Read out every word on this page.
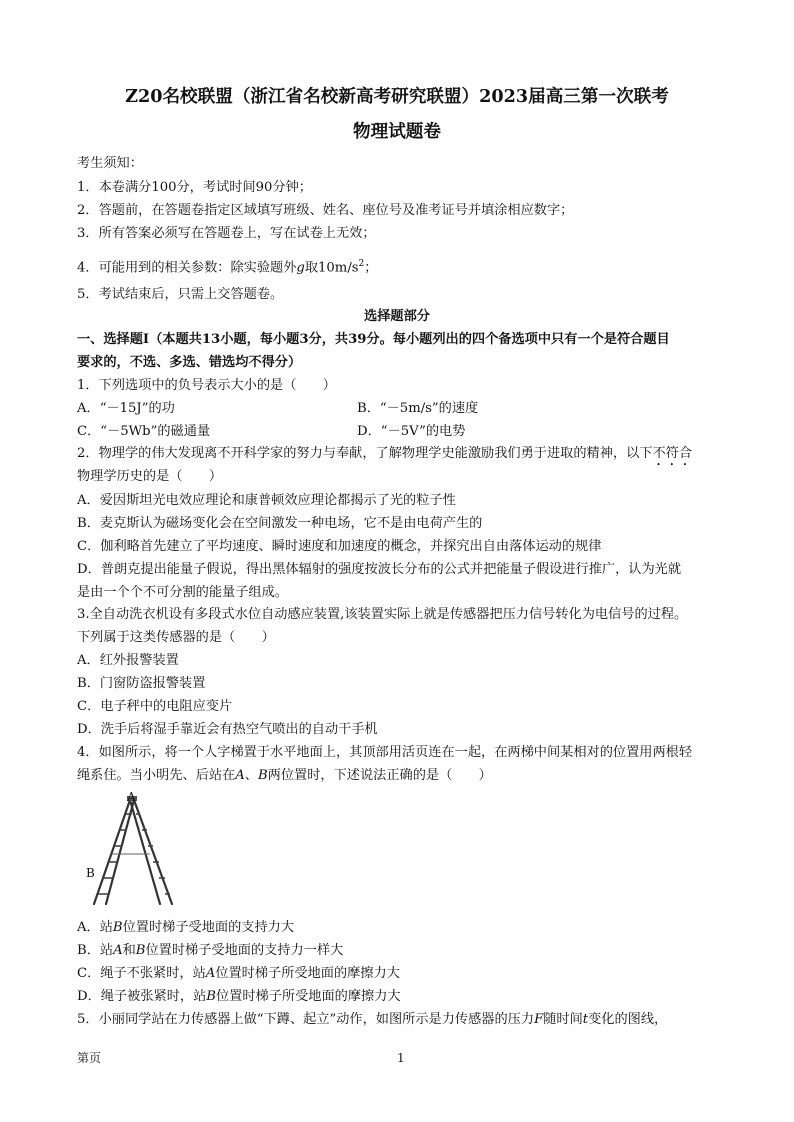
Z20名校联盟（浙江省名校新高考研究联盟）2023届高三第一次联考
物理试题卷
考生须知：
1．本卷满分100分，考试时间90分钟；
2．答题前，在答题卷指定区域填写班级、姓名、座位号及准考证号并填涂相应数字；
3．所有答案必须写在答题卷上，写在试卷上无效；
4．可能用到的相关参数：除实验题外g取$10m/s^2$；
5．考试结束后，只需上交答题卷。
选择题部分
一、选择题Ⅰ（本题共13小题，每小题3分，共39分。每小题列出的四个备选项中只有一个是符合题目
要求的，不选、多选、错选均不得分）
1．下列选项中的负号表示大小的是（　　）
A．“－15J”的功	B．“－5m/s”的速度
C．“－5Wb”的磁通量	D．“－5V”的电势
2．物理学的伟大发现离不开科学家的努力与奉献，了解物理学史能激励我们勇于进取的精神，以下不符合
物理学历史的是（　　）
A．爱因斯坦光电效应理论和康普顿效应理论都揭示了光的粒子性
B．麦克斯认为磁场变化会在空间激发一种电场，它不是由电荷产生的
C．伽利略首先建立了平均速度、瞬时速度和加速度的概念，并探究出自由落体运动的规律
D．普朗克提出能量子假说，得出黑体辐射的强度按波长分布的公式并把能量子假设进行推广，认为光就
是由一个个不可分割的能量子组成。
3.全自动洗衣机设有多段式水位自动感应装置,该装置实际上就是传感器把压力信号转化为电信号的过程。
下列属于这类传感器的是（　　）
A．红外报警装置
B．门窗防盗报警装置
C．电子秤中的电阻应变片
D．洗手后将湿手靠近会有热空气喷出的自动干手机
4．如图所示，将一个人字梯置于水平地面上，其顶部用活页连在一起，在两梯中间某相对的位置用两根轻
绳系住。当小明先、后站在A、B两位置时，下述说法正确的是（　　）
A
B
A．站B位置时梯子受地面的支持力大
B．站A和B位置时梯子受地面的支持力一样大
C．绳子不张紧时，站A位置时梯子所受地面的摩擦力大
D．绳子被张紧时，站B位置时梯子所受地面的摩擦力大
5．小丽同学站在力传感器上做“下蹲、起立”动作，如图所示是力传感器的压力F随时间t变化的图线，
第页	1
